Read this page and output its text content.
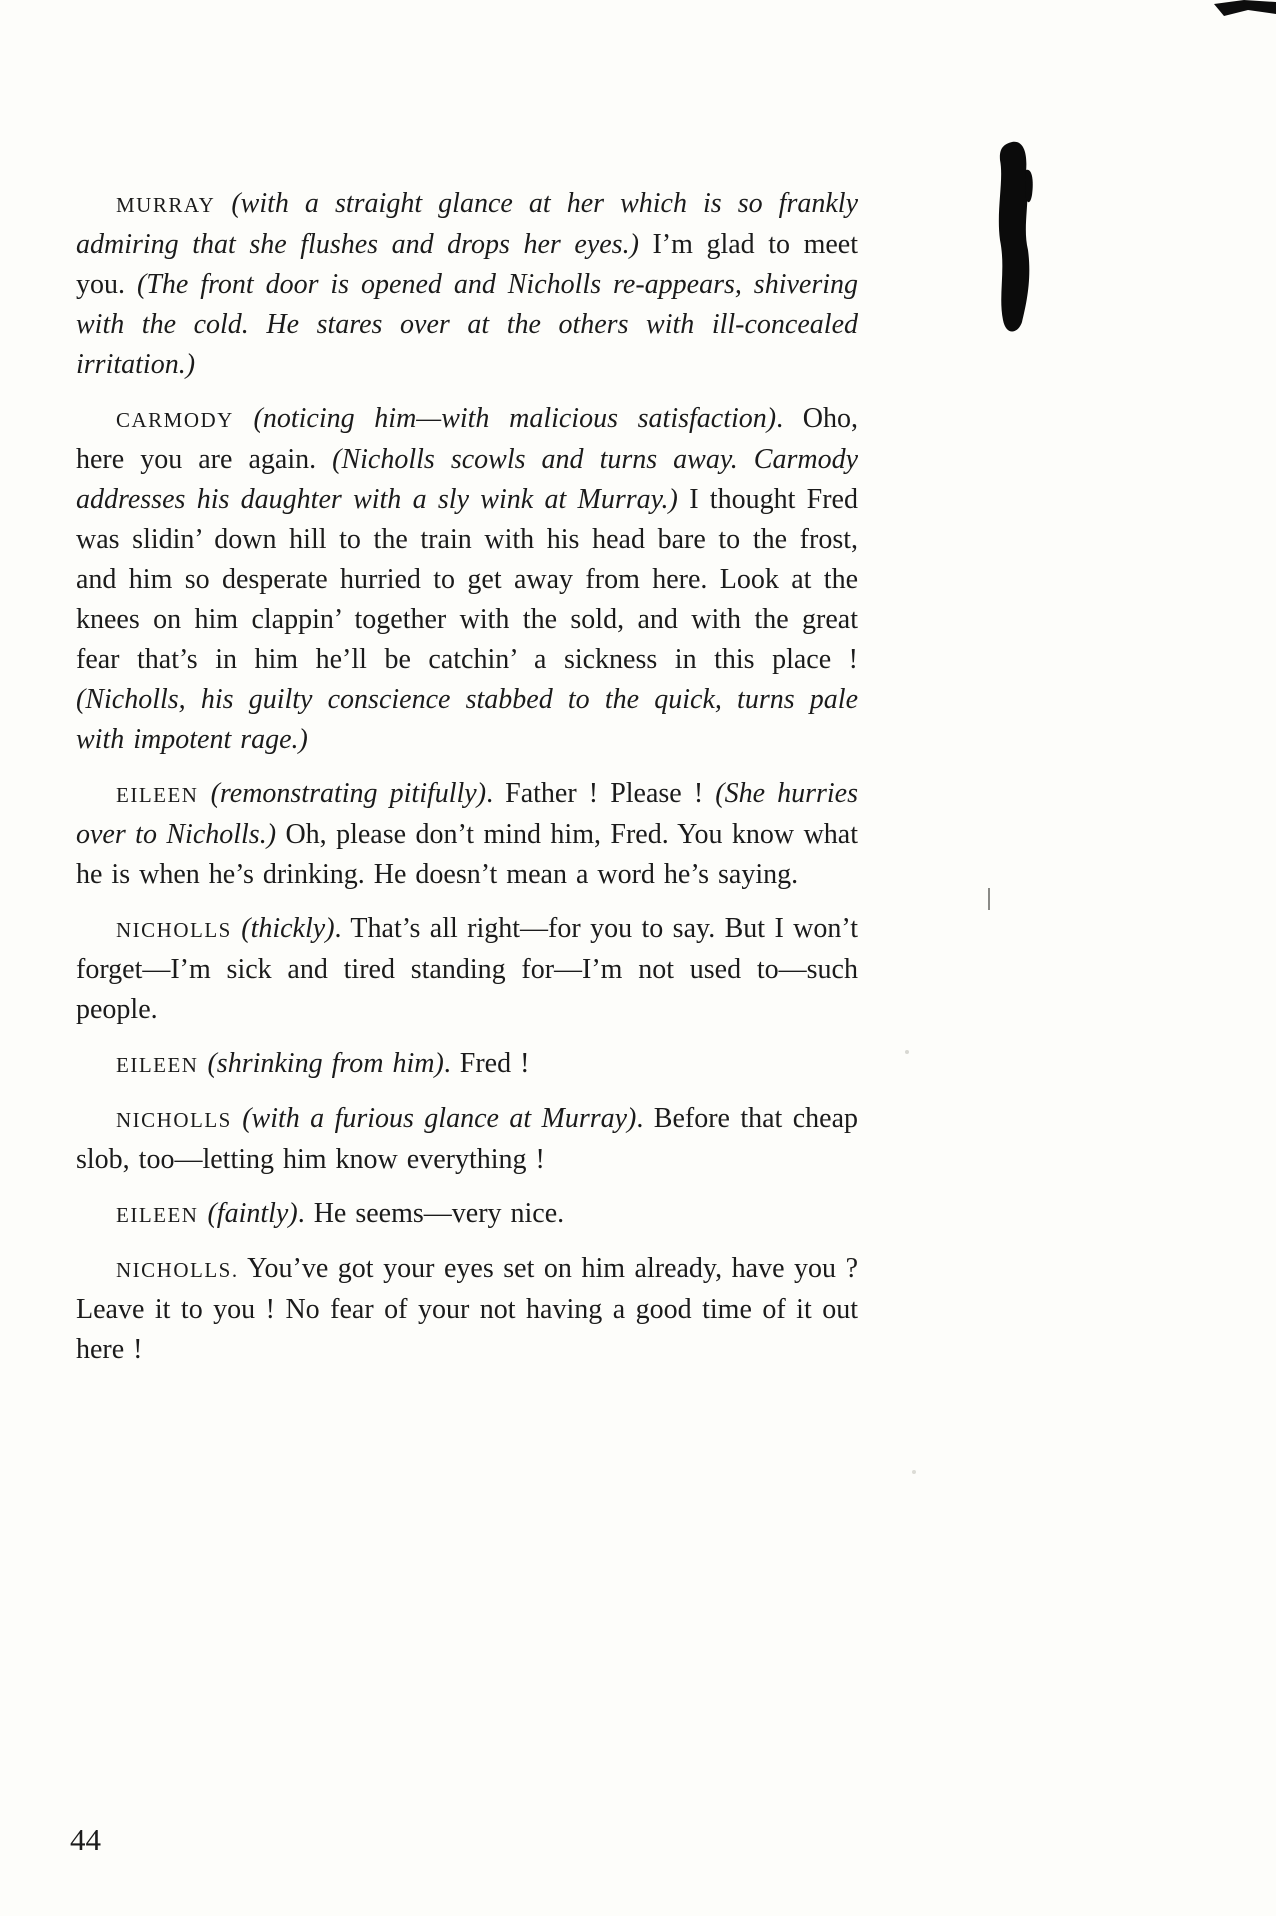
MURRAY (with a straight glance at her which is so frankly admiring that she flushes and drops her eyes.) I’m glad to meet you. (The front door is opened and Nicholls re-appears, shivering with the cold. He stares over at the others with ill-concealed irritation.)

CARMODY (noticing him—with malicious satisfaction). Oho, here you are again. (Nicholls scowls and turns away. Carmody addresses his daughter with a sly wink at Murray.) I thought Fred was slidin’ down hill to the train with his head bare to the frost, and him so desperate hurried to get away from here. Look at the knees on him clappin’ together with the sold, and with the great fear that’s in him he’ll be catchin’ a sickness in this place ! (Nicholls, his guilty conscience stabbed to the quick, turns pale with impotent rage.)

EILEEN (remonstrating pitifully). Father ! Please ! (She hurries over to Nicholls.) Oh, please don’t mind him, Fred. You know what he is when he’s drinking. He doesn’t mean a word he’s saying.

NICHOLLS (thickly). That’s all right—for you to say. But I won’t forget—I’m sick and tired standing for—I’m not used to—such people.

EILEEN (shrinking from him). Fred !

NICHOLLS (with a furious glance at Murray). Before that cheap slob, too—letting him know everything !

EILEEN (faintly). He seems—very nice.

NICHOLLS. You’ve got your eyes set on him already, have you ? Leave it to you ! No fear of your not having a good time of it out here !

44
